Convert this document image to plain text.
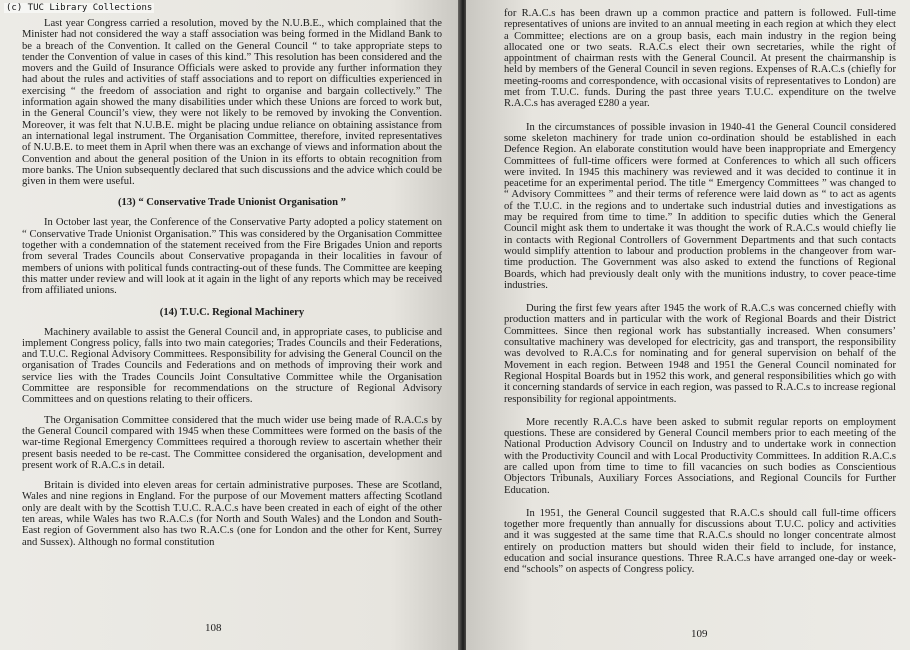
(c) TUC Library Collections

Last year Congress carried a resolution, moved by the N.U.B.E., which complained that the Minister had not considered the way a staff association was being formed in the Midland Bank to be a breach of the Convention. It called on the General Council “ to take appropriate steps to tender the Convention of value in cases of this kind.” This resolution has been considered and the movers and the Guild of Insurance Officials were asked to provide any further information they had about the rules and activities of staff associations and to report on difficulties experienced in exercising “ the freedom of association and right to organise and bargain collectively.” The information again showed the many disabilities under which these Unions are forced to work but, in the General Council’s view, they were not likely to be removed by invoking the Convention. Moreover, it was felt that N.U.B.E. might be placing undue reliance on obtaining assistance from an international legal instrument. The Organisation Committee, therefore, invited representatives of N.U.B.E. to meet them in April when there was an exchange of views and information about the Convention and about the general position of the Union in its efforts to obtain recognition from more banks. The Union subsequently declared that such discussions and the advice which could be given in them were useful.

(13) “ Conservative Trade Unionist Organisation ”

In October last year, the Conference of the Conservative Party adopted a policy statement on “ Conservative Trade Unionist Organisation.” This was considered by the Organisation Committee together with a condemnation of the statement received from the Fire Brigades Union and reports from several Trades Councils about Conservative propaganda in their localities in favour of members of unions with political funds contracting-out of these funds. The Committee are keeping this matter under review and will look at it again in the light of any reports which may be received from affiliated unions.

(14) T.U.C. Regional Machinery

Machinery available to assist the General Council and, in appropriate cases, to publicise and implement Congress policy, falls into two main categories; Trades Councils and their Federations, and T.U.C. Regional Advisory Committees. Responsibility for advising the General Council on the organisation of Trades Councils and Federations and on methods of improving their work and service lies with the Trades Councils Joint Consultative Committee while the Organisation Committee are responsible for recommendations on the structure of Regional Advisory Committees and on questions relating to their officers.

The Organisation Committee considered that the much wider use being made of R.A.C.s by the General Council compared with 1945 when these Committees were formed on the basis of the war-time Regional Emergency Committees required a thorough review to ascertain whether their present basis needed to be re-cast. The Committee considered the organisation, development and present work of R.A.C.s in detail.

Britain is divided into eleven areas for certain administrative purposes. These are Scotland, Wales and nine regions in England. For the purpose of our Movement matters affecting Scotland only are dealt with by the Scottish T.U.C. R.A.C.s have been created in each of eight of the other ten areas, while Wales has two R.A.C.s (for North and South Wales) and the London and South-East region of Government also has two R.A.C.s (one for London and the other for Kent, Surrey and Sussex). Although no formal constitution

108

for R.A.C.s has been drawn up a common practice and pattern is followed. Full-time representatives of unions are invited to an annual meeting in each region at which they elect a Committee; elections are on a group basis, each main industry in the region being allocated one or two seats. R.A.C.s elect their own secretaries, while the right of appointment of chairman rests with the General Council. At present the chairmanship is held by members of the General Council in seven regions. Expenses of R.A.C.s (chiefly for meeting-rooms and correspondence, with occasional visits of representatives to London) are met from T.U.C. funds. During the past three years T.U.C. expenditure on the twelve R.A.C.s has averaged £280 a year.

In the circumstances of possible invasion in 1940-41 the General Council considered some skeleton machinery for trade union co-ordination should be established in each Defence Region. An elaborate constitution would have been inappropriate and Emergency Committees of full-time officers were formed at Conferences to which all such officers were invited. In 1945 this machinery was reviewed and it was decided to continue it in peacetime for an experimental period. The title “ Emergency Committees ” was changed to “ Advisory Committees ” and their terms of reference were laid down as “ to act as agents of the T.U.C. in the regions and to undertake such industrial duties and investigations as may be required from time to time.” In addition to specific duties which the General Council might ask them to undertake it was thought the work of R.A.C.s would chiefly lie in contacts with Regional Controllers of Government Departments and that such contacts would simplify attention to labour and production problems in the changeover from war-time production. The Government was also asked to extend the functions of Regional Boards, which had previously dealt only with the munitions industry, to cover peace-time industries.

During the first few years after 1945 the work of R.A.C.s was concerned chiefly with production matters and in particular with the work of Regional Boards and their District Committees. Since then regional work has substantially increased. When consumers’ consultative machinery was developed for electricity, gas and transport, the responsibility was devolved to R.A.C.s for nominating and for general supervision on behalf of the Movement in each region. Between 1948 and 1951 the General Council nominated for Regional Hospital Boards but in 1952 this work, and general responsibilities which go with it concerning standards of service in each region, was passed to R.A.C.s to increase regional responsibility for regional appointments.

More recently R.A.C.s have been asked to submit regular reports on employment questions. These are considered by General Council members prior to each meeting of the National Production Advisory Council on Industry and to undertake work in connection with the Productivity Council and with Local Productivity Committees. In addition R.A.C.s are called upon from time to time to fill vacancies on such bodies as Conscientious Objectors Tribunals, Auxiliary Forces Associations, and Regional Councils for Further Education.

In 1951, the General Council suggested that R.A.C.s should call full-time officers together more frequently than annually for discussions about T.U.C. policy and activities and it was suggested at the same time that R.A.C.s should no longer concentrate almost entirely on production matters but should widen their field to include, for instance, education and social insurance questions. Three R.A.C.s have arranged one-day or week-end “schools” on aspects of Congress policy.

109
